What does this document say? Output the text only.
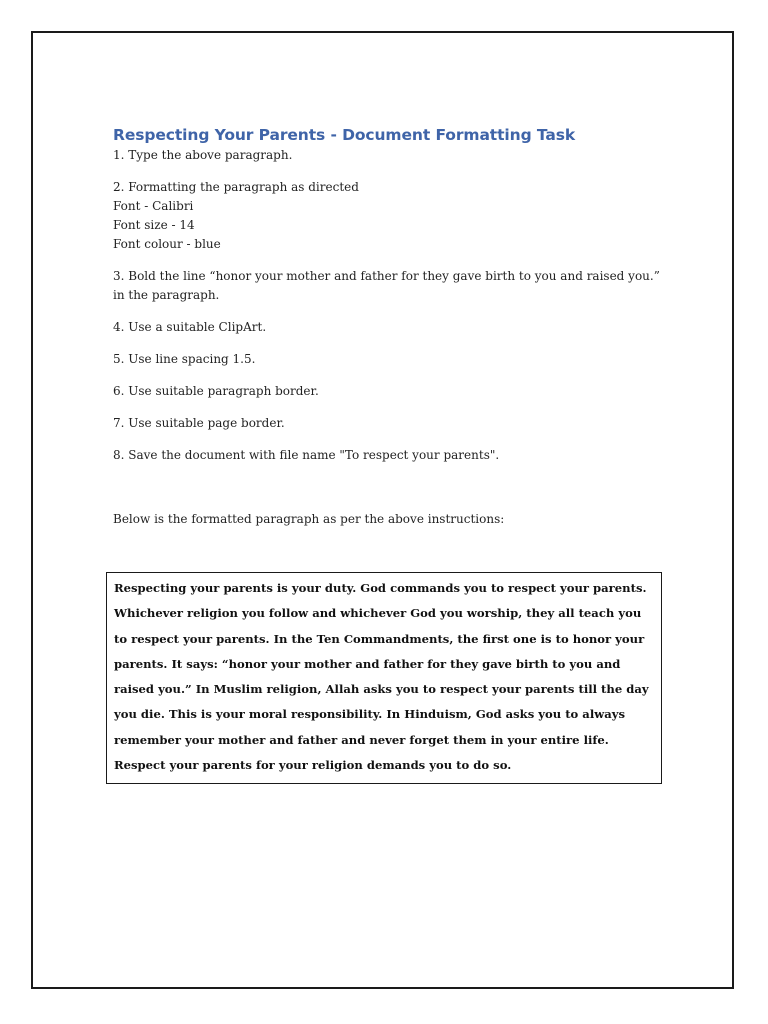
Respecting Your Parents - Document Formatting Task

1. Type the above paragraph.

2. Formatting the paragraph as directed

Font - Calibri

Font size - 14

Font colour - blue

3. Bold the line “honor your mother and father for they gave birth to you and raised you.” in the paragraph.

4. Use a suitable ClipArt.

5. Use line spacing 1.5.

6. Use suitable paragraph border.

7. Use suitable page border.

8. Save the document with file name "To respect your parents".

Below is the formatted paragraph as per the above instructions:

Respecting your parents is your duty. God commands you to respect your parents. Whichever religion you follow and whichever God you worship, they all teach you to respect your parents. In the Ten Commandments, the first one is to honor your parents. It says: “honor your mother and father for they gave birth to you and raised you.” In Muslim religion, Allah asks you to respect your parents till the day you die. This is your moral responsibility. In Hinduism, God asks you to always remember your mother and father and never forget them in your entire life. Respect your parents for your religion demands you to do so.
